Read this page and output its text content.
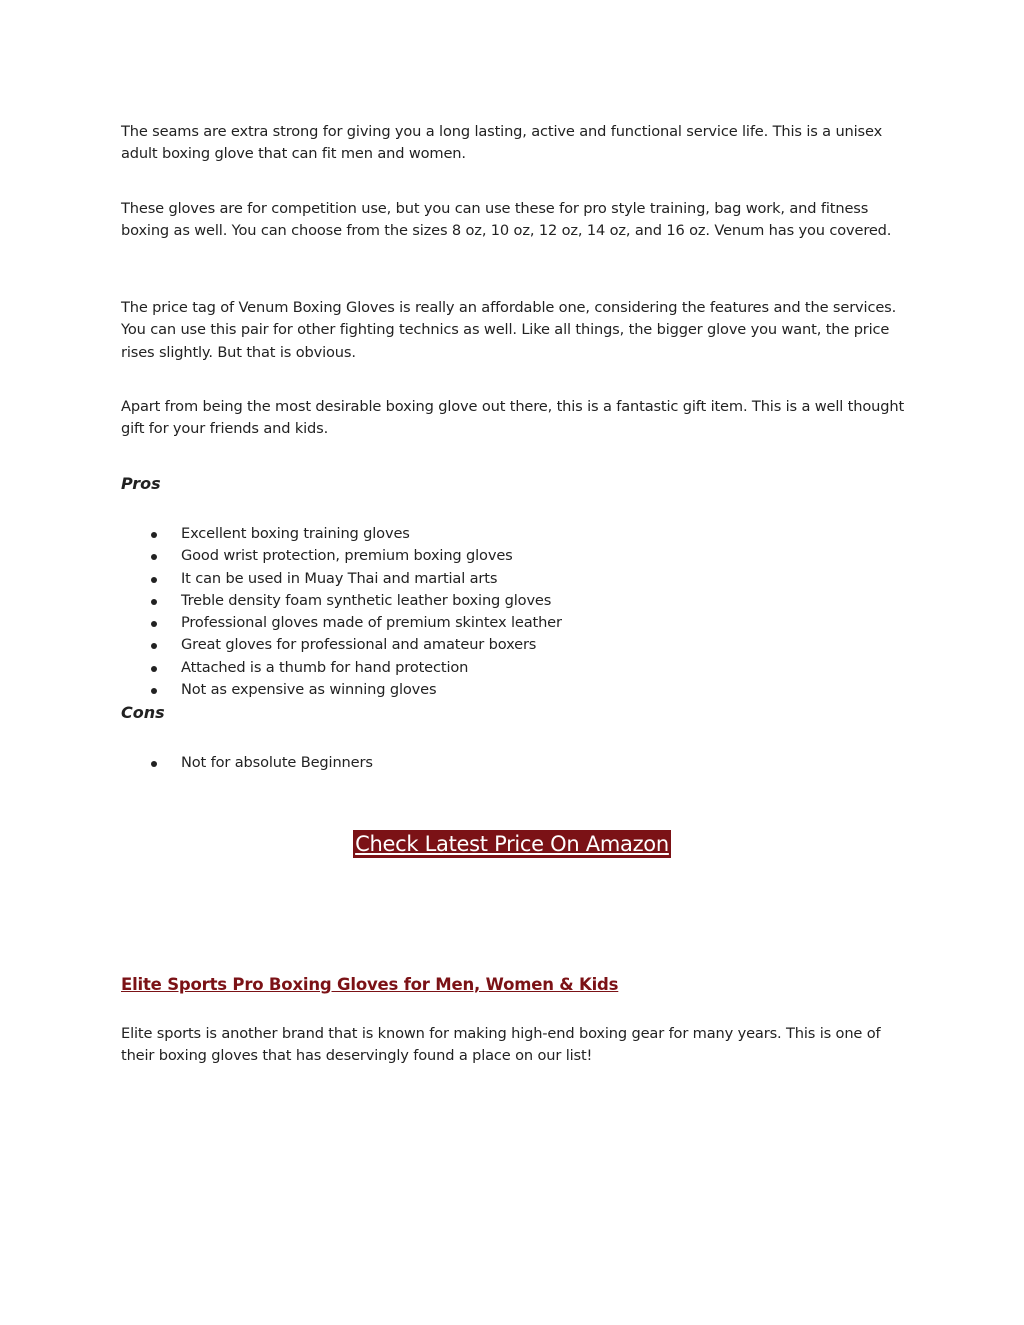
The seams are extra strong for giving you a long lasting, active and functional service life. This is a unisex adult boxing glove that can fit men and women.

These gloves are for competition use, but you can use these for pro style training, bag work, and fitness boxing as well. You can choose from the sizes 8 oz, 10 oz, 12 oz, 14 oz, and 16 oz. Venum has you covered.

The price tag of Venum Boxing Gloves is really an affordable one, considering the features and the services. You can use this pair for other fighting technics as well. Like all things, the bigger glove you want, the price rises slightly. But that is obvious.

Apart from being the most desirable boxing glove out there, this is a fantastic gift item. This is a well thought gift for your friends and kids.

Pros
Excellent boxing training gloves
Good wrist protection, premium boxing gloves
It can be used in Muay Thai and martial arts
Treble density foam synthetic leather boxing gloves
Professional gloves made of premium skintex leather
Great gloves for professional and amateur boxers
Attached is a thumb for hand protection
Not as expensive as winning gloves
Cons
Not for absolute Beginners
Check Latest Price On Amazon
Elite Sports Pro Boxing Gloves for Men, Women & Kids

Elite sports is another brand that is known for making high-end boxing gear for many years. This is one of their boxing gloves that has deservingly found a place on our list!
